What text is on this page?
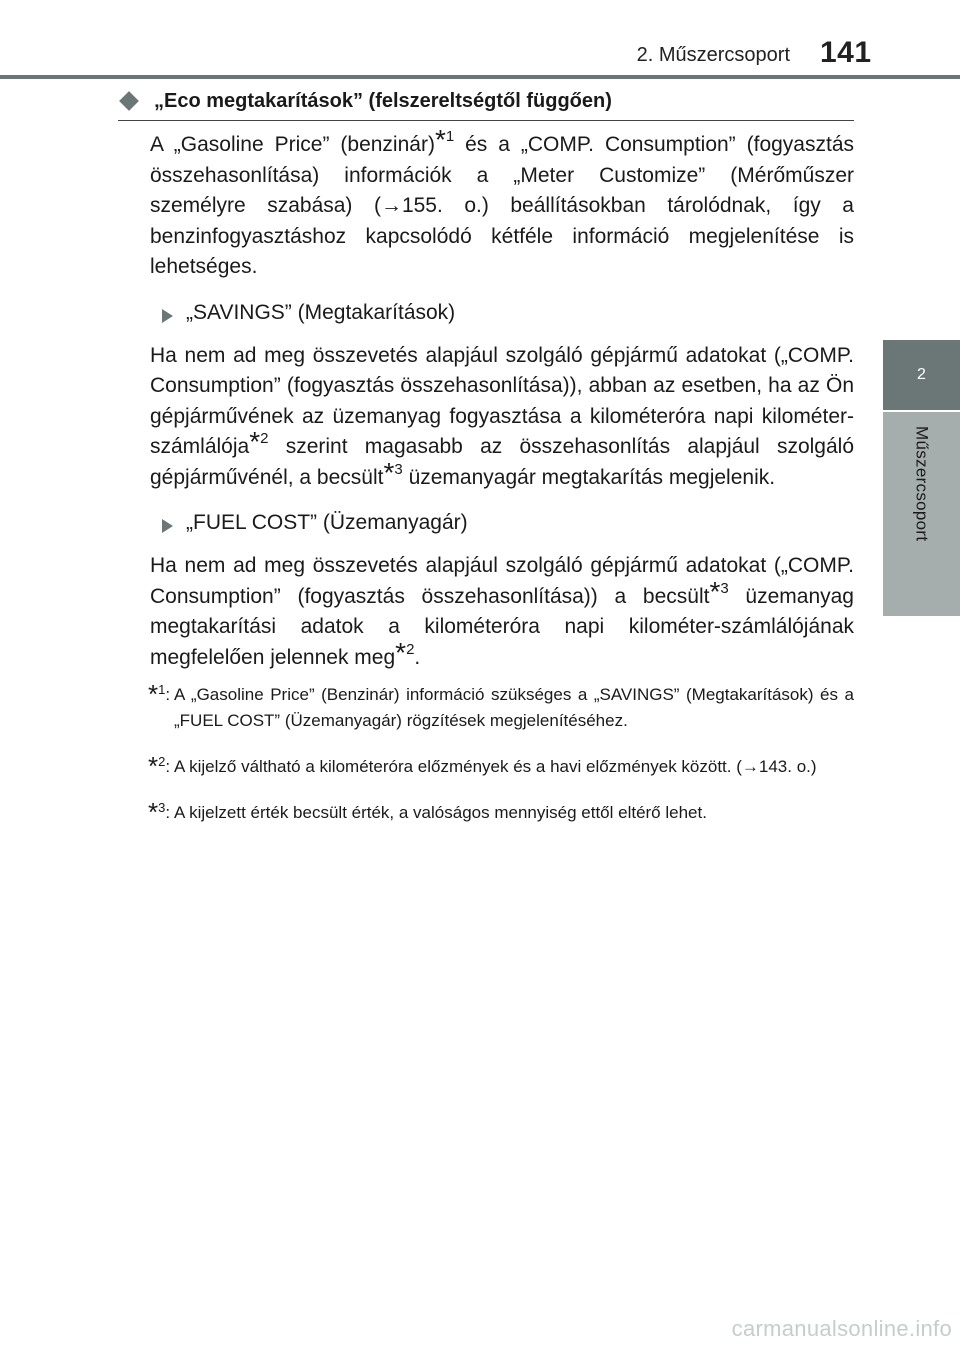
2. Műszercsoport 141
2
Műszercsoport
„Eco megtakarítások” (felszereltségtől függően)

A „Gasoline Price” (benzinár)$^{*1}$ és a „COMP. Consumption” (fogyasztás összehasonlítása) információk a „Meter Customize” (Mérőműszer személyre szabása) (→155. o.) beállításokban tárolódnak, így a benzinfogyasztáshoz kapcsolódó kétféle információ megjelenítése is lehetséges.

„SAVINGS” (Megtakarítások)

Ha nem ad meg összevetés alapjául szolgáló gépjármű adatokat („COMP. Consumption” (fogyasztás összehasonlítása)), abban az esetben, ha az Ön gépjárművének az üzemanyag fogyasztása a kilométeróra napi kilométer-számlálója$^{*2}$ szerint magasabb az összehasonlítás alapjául szolgáló gépjárművénél, a becsült$^{*3}$ üzemanyagár megtakarítás megjelenik.

„FUEL COST” (Üzemanyagár)

Ha nem ad meg összevetés alapjául szolgáló gépjármű adatokat („COMP. Consumption” (fogyasztás összehasonlítása)) a becsült$^{*3}$ üzemanyag megtakarítási adatok a kilométeróra napi kilométer-számlálójának megfelelően jelennek meg$^{*2}$.

*$^1$: A „Gasoline Price” (Benzinár) információ szükséges a „SAVINGS” (Megtakarítások) és a „FUEL COST” (Üzemanyagár) rögzítések megjelenítéséhez.
*$^2$: A kijelző váltható a kilométeróra előzmények és a havi előzmények között. (→143. o.)
*$^3$: A kijelzett érték becsült érték, a valóságos mennyiség ettől eltérő lehet.
carmanualsonline.info
